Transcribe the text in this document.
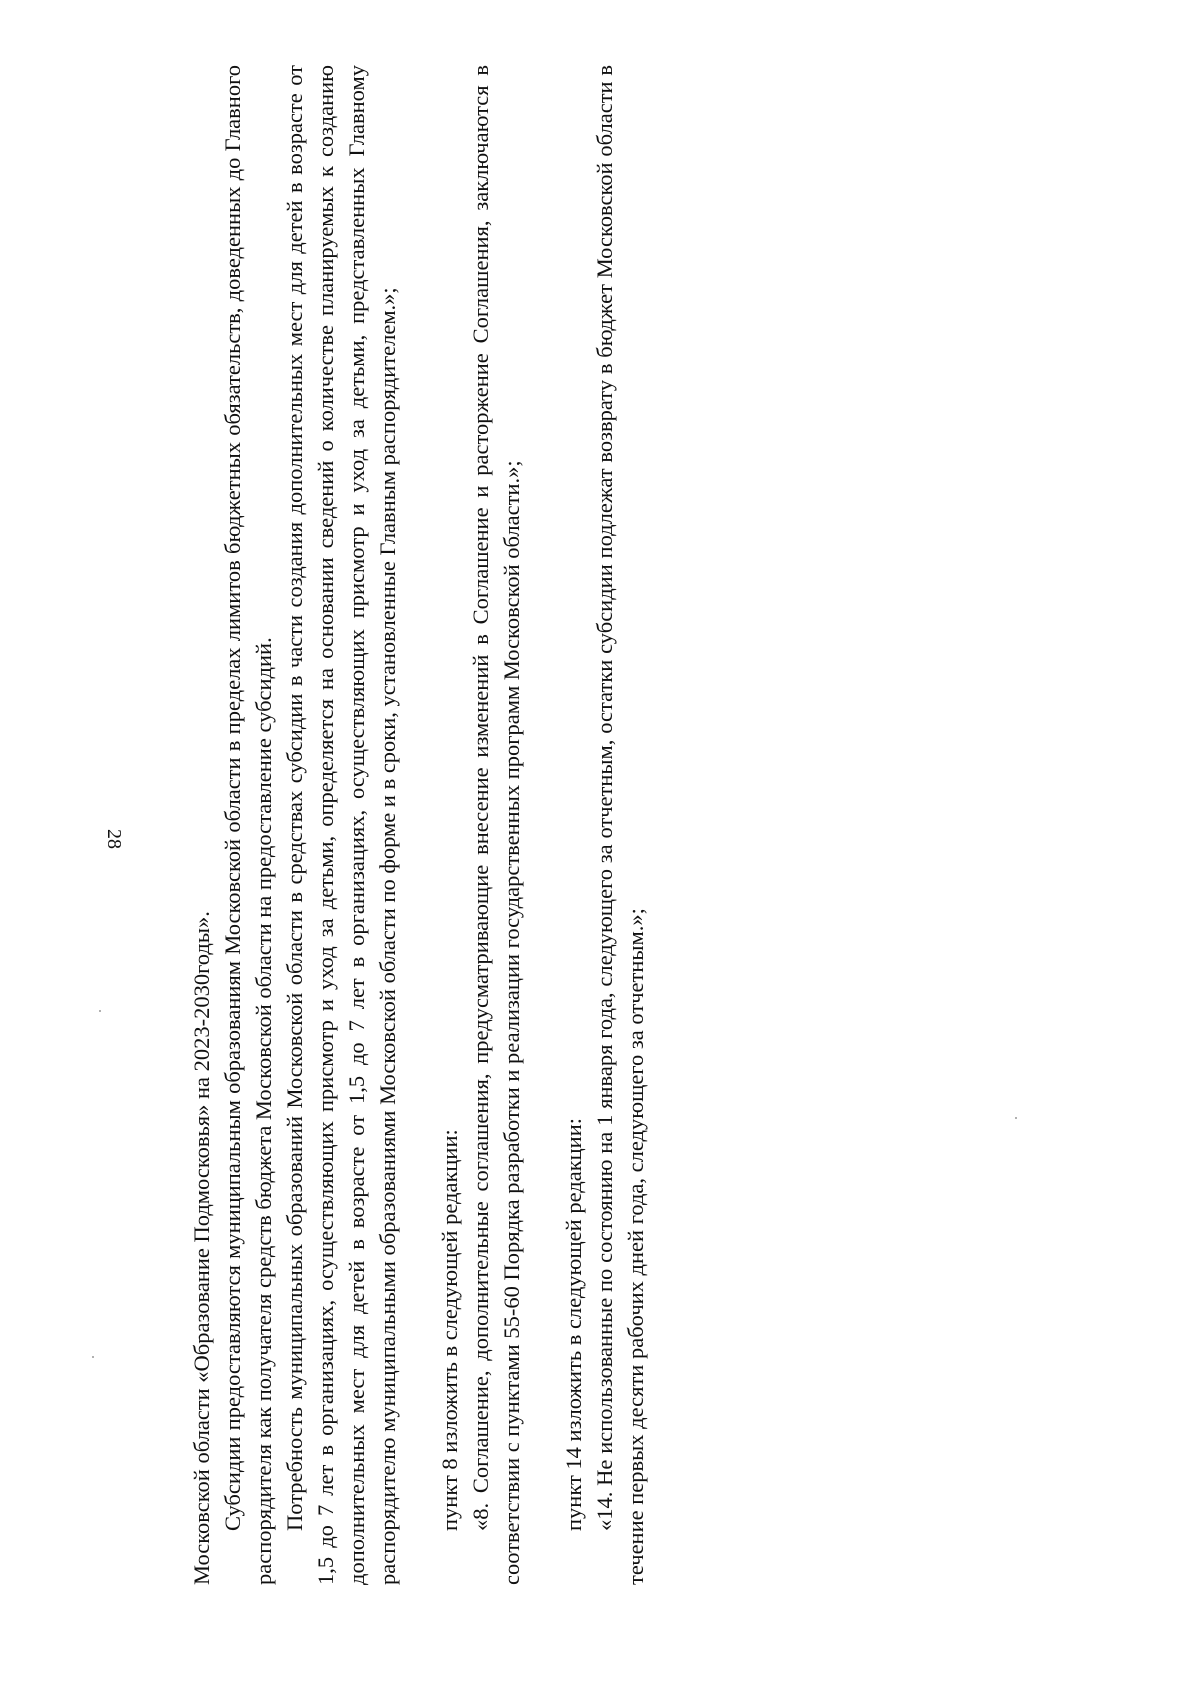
28

Московской области «Образование Подмосковья» на 2023-2030годы». Субсидии предоставляются муниципальным образованиям Московской области в пределах лимитов бюджетных обязательств, доведенных до Главного распорядителя как получателя средств бюджета Московской области на предоставление субсидий. Потребность муниципальных образований Московской области в средствах субсидии в части создания дополнительных мест для детей в возрасте от 1,5 до 7 лет в организациях, осуществляющих присмотр и уход за детьми, определяется на основании сведений о количестве планируемых к созданию дополнительных мест для детей в возрасте от 1,5 до 7 лет в организациях, осуществляющих присмотр и уход за детьми, представленных Главному распорядителю муниципальными образованиями Московской области по форме и в сроки, установленные Главным распорядителем.»; пункт 8 изложить в следующей редакции: «8. Соглашение, дополнительные соглашения, предусматривающие внесение изменений в Соглашение и расторжение Соглашения, заключаются в соответствии с пунктами 55-60 Порядка разработки и реализации государственных программ Московской области.»; пункт 14 изложить в следующей редакции: «14. Не использованные по состоянию на 1 января года, следующего за отчетным, остатки субсидии подлежат возврату в бюджет Московской области в течение первых десяти рабочих дней года, следующего за отчетным.»;
